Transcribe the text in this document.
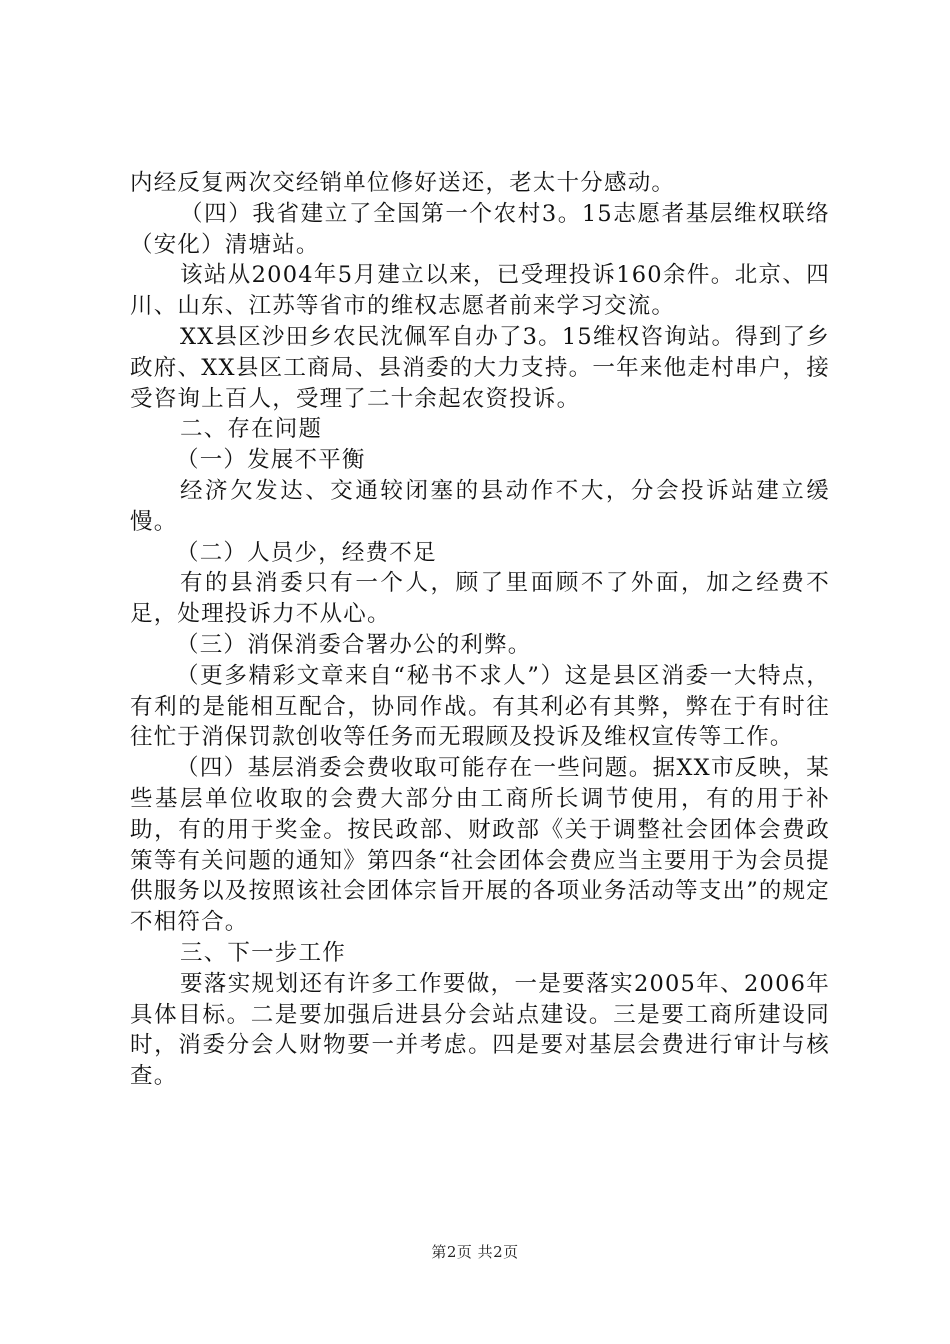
内经反复两次交经销单位修好送还，老太十分感动。

（四）我省建立了全国第一个农村3。15志愿者基层维权联络（安化）清塘站。

该站从2004年5月建立以来，已受理投诉160余件。北京、四川、山东、江苏等省市的维权志愿者前来学习交流。

XX县区沙田乡农民沈佩军自办了3。15维权咨询站。得到了乡政府、XX县区工商局、县消委的大力支持。一年来他走村串户，接受咨询上百人，受理了二十余起农资投诉。

二、存在问题

（一）发展不平衡

经济欠发达、交通较闭塞的县动作不大，分会投诉站建立缓慢。

（二）人员少，经费不足

有的县消委只有一个人，顾了里面顾不了外面，加之经费不足，处理投诉力不从心。

（三）消保消委合署办公的利弊。

（更多精彩文章来自“秘书不求人”）这是县区消委一大特点，有利的是能相互配合，协同作战。有其利必有其弊，弊在于有时往往忙于消保罚款创收等任务而无瑕顾及投诉及维权宣传等工作。

（四）基层消委会费收取可能存在一些问题。据XX市反映，某些基层单位收取的会费大部分由工商所长调节使用，有的用于补助，有的用于奖金。按民政部、财政部《关于调整社会团体会费政策等有关问题的通知》第四条“社会团体会费应当主要用于为会员提供服务以及按照该社会团体宗旨开展的各项业务活动等支出”的规定不相符合。

三、下一步工作

要落实规划还有许多工作要做，一是要落实2005年、2006年具体目标。二是要加强后进县分会站点建设。三是要工商所建设同时，消委分会人财物要一并考虑。四是要对基层会费进行审计与核查。

第2页 共2页
